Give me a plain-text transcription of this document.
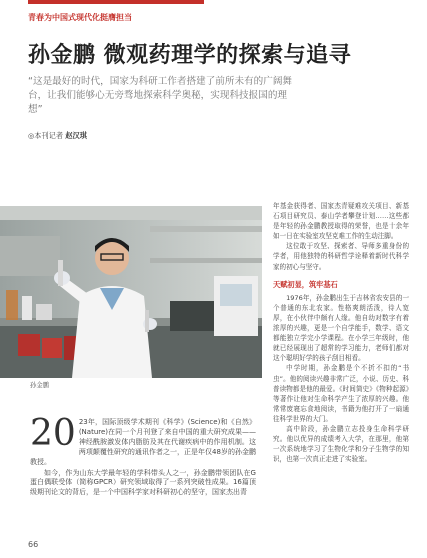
青春为中国式现代化挺膺担当
孙金鹏 微观药理学的探索与追寻
“这是最好的时代，国家为科研工作者搭建了前所未有的广阔舞台，让我们能够心无旁骛地探索科学奥秘，实现科技报国的理想”
◎本刊记者 赵汉琪
孙金鹏
20 23年，国际顶级学术期刊《科学》(Science)和《自然》(Nature)在同一个月刊登了来自中国的重大研究成果——神经酰胺激发体内脂肪及其在代谢疾病中的作用机制。这两项颠覆性研究的通讯作者之一，正是年仅48岁的孙金鹏教授。

如今，作为山东大学最年轻的学科带头人之一，孙金鹏带领团队在G蛋白偶联受体（简称GPCR）研究领域取得了一系列突破性成果。16篇顶级期刊论文的背后，是一个中国科学家对科研初心的坚守，国家杰出青

年基金获得者、国家杰青疑难攻关项目、新基石项目研究员、泰山学者攀登计划……这些都是年轻的孙金鹏教授取得的荣誉，也是十余年如一日在实验室攻坚克难工作的生动注脚。

这位敢于攻坚、探索者、导师多重身份的学者，用他独特的科研哲学诠释着新时代科学家的初心与坚守。

天赋初显，筑牢基石

1976年，孙金鹏出生于吉林省农安县的一个普通的东北农家。性格爽朗活泼，待人宽厚，在小伙伴中颇有人缘。他自幼对数字有着浓厚的兴趣，更是一个自学能手，数学、语文都能独立学完小学课程。在小学三年级时，他就已经展现出了超常的学习能力，老师们都对这个聪明好学的孩子刮目相看。

中学时期，孙金鹏是个不折不扣的“书虫”。他的阅读兴趣非常广泛，小说、历史、科普读物都是他的最爱。《时间简史》《物种起源》等著作让他对生命科学产生了浓厚的兴趣。他常常废寝忘食地阅读，书籍为他打开了一扇通往科学世界的大门。

高中阶段，孙金鹏立志投身生命科学研究。他以优异的成绩考入大学，在那里，他第一次系统地学习了生物化学和分子生物学的知识，也第一次真正走进了实验室。

66
